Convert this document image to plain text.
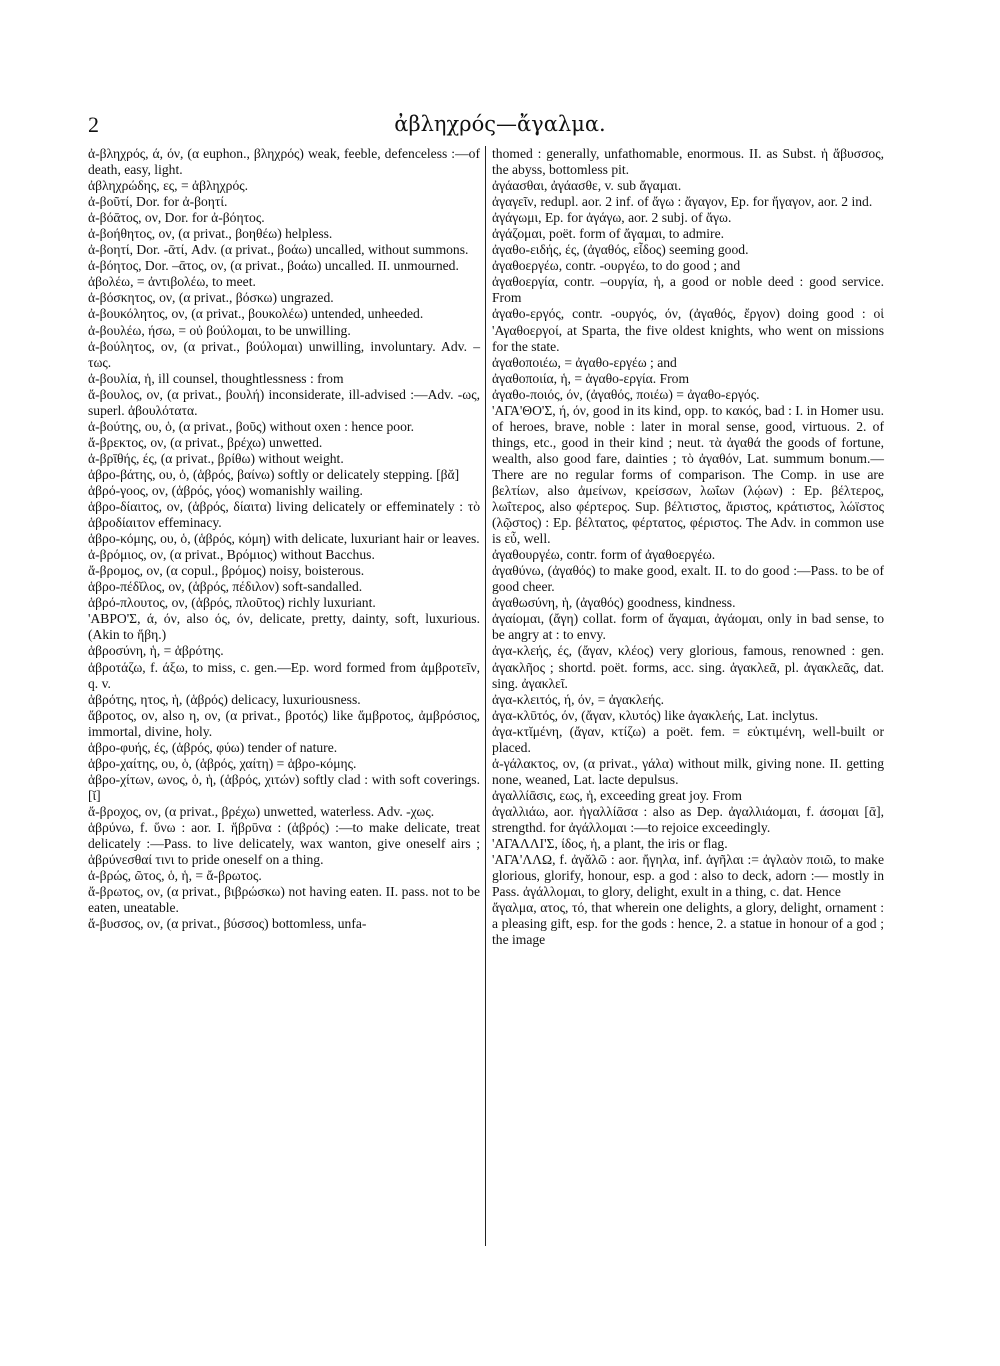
2	ἀβληχρός—ἄγαλμα.

ἀ-βληχρός, ά, όν, (α euphon., βληχρός) weak, feeble, defenceless :—of death, easy, light.

ἀβληχρώδης, ες, = ἀβληχρός.

ἀ-βοῦτί, Dor. for ἀ-βοητί.

ἀ-βόᾱτος, ον, Dor. for ἀ-βόητος.

ἀ-βοήθητος, ον, (α privat., βοηθέω) helpless.

ἀ-βοητί, Dor. -ᾱτί, Adv. (α privat., βοάω) uncalled, without summons.

ἀ-βόητος, Dor. –ᾱτος, ον, (α privat., βοάω) uncalled. II. unmourned.

ἀβολέω, = ἀντιβολέω, to meet.

ἀ-βόσκητος, ον, (α privat., βόσκω) ungrazed.

ἀ-βουκόλητος, ον, (α privat., βουκολέω) untended, unheeded.

ἀ-βουλέω, ήσω, = οὐ βούλομαι, to be unwilling.

ἀ-βούλητος, ον, (α privat., βούλομαι) unwilling, involuntary. Adv. –τως.

ἀ-βουλία, ἡ, ill counsel, thoughtlessness : from

ἄ-βουλος, ον, (α privat., βουλή) inconsiderate, ill-advised :—Adv. -ως, superl. ἀβουλότατα.

ἀ-βούτης, ου, ὁ, (α privat., βοῦς) without oxen : hence poor.

ἄ-βρεκτος, ον, (α privat., βρέχω) unwetted.

ἀ-βρῑθής, ές, (α privat., βρίθω) without weight.

ἀβρο-βάτης, ου, ὁ, (ἁβρός, βαίνω) softly or delicately stepping. [βᾰ]

ἁβρό-γοος, ον, (ἁβρός, γόος) womanishly wailing.

ἁβρο-δίαιτος, ον, (ἁβρός, δίαιτα) living delicately or effeminately : τὸ ἁβροδίαιτον effeminacy.

ἁβρο-κόμης, ου, ὁ, (ἁβρός, κόμη) with delicate, luxuriant hair or leaves.

ἀ-βρόμιος, ον, (α privat., Βρόμιος) without Bacchus.

ἄ-βρομος, ον, (α copul., βρόμος) noisy, boisterous.

ἁβρο-πέδῐλος, ον, (ἁβρός, πέδιλον) soft-sandalled.

ἁβρό-πλουτος, ον, (ἁβρός, πλοῦτος) richly luxuriant.

'ΑΒΡΟ'Σ, ά, όν, also ός, όν, delicate, pretty, dainty, soft, luxurious. (Akin to ἥβη.)

ἁβροσύνη, ἡ, = ἁβρότης.

ἀβροτάζω, f. άξω, to miss, c. gen.—Ep. word formed from ἀμβροτεῖν, q. v.

ἁβρότης, ητος, ἡ, (ἁβρός) delicacy, luxuriousness.

ἄβροτος, ον, also η, ον, (α privat., βροτός) like ἄμβροτος, ἀμβρόσιος, immortal, divine, holy.

ἁβρο-φυής, ές, (ἁβρός, φύω) tender of nature.

ἁβρο-χαίτης, ου, ὁ, (ἁβρός, χαίτη) = ἁβρο-κόμης.

ἁβρο-χίτων, ωνος, ὁ, ἡ, (ἁβρός, χιτών) softly clad : with soft coverings. [ῐ]

ἄ-βροχος, ον, (α privat., βρέχω) unwetted, waterless. Adv. -χως.

ἁβρύνω, f. ὕνω : aor. I. ἥβρῡνα : (ἁβρός) :—to make delicate, treat delicately :—Pass. to live delicately, wax wanton, give oneself airs ; ἁβρύνεσθαί τινι to pride oneself on a thing.

ἀ-βρώς, ῶτος, ὁ, ἡ, = ἄ-βρωτος.

ἄ-βρωτος, ον, (α privat., βιβρώσκω) not having eaten. II. pass. not to be eaten, uneatable.

ἄ-βυσσος, ον, (α privat., βύσσος) bottomless, unfa-

thomed : generally, unfathomable, enormous. II. as Subst. ἡ ἄβυσσος, the abyss, bottomless pit.

ἀγάασθαι, ἀγάασθε, v. sub ἄγαμαι.

ἀγαγεῖν, redupl. aor. 2 inf. of ἄγω : ἄγαγον, Ep. for ἤγαγον, aor. 2 ind.

ἀγάγωμι, Ep. for ἀγάγω, aor. 2 subj. of ἄγω.

ἀγάζομαι, poët. form of ἄγαμαι, to admire.

ἀγαθο-ειδής, ές, (ἀγαθός, εἶδος) seeming good.

ἀγαθοεργέω, contr. -ουργέω, to do good ; and

ἀγαθοεργία, contr. –ουργία, ἡ, a good or noble deed : good service. From

ἀγαθο-εργός, contr. -ουργός, όν, (ἀγαθός, ἔργον) doing good : οἱ 'Αγαθοεργοί, at Sparta, the five oldest knights, who went on missions for the state.

ἀγαθοποιέω, = ἀγαθο-εργέω ; and

ἀγαθοποιία, ἡ, = ἀγαθο-εργία. From

ἀγαθο-ποιός, όν, (ἀγαθός, ποιέω) = ἀγαθο-εργός.

'ΑΓΑ'ΘΟ'Σ, ή, όν, good in its kind, opp. to κακός, bad : I. in Homer usu. of heroes, brave, noble : later in moral sense, good, virtuous. 2. of things, etc., good in their kind ; neut. τὰ ἀγαθά the goods of fortune, wealth, also good fare, dainties ; τὸ ἀγαθόν, Lat. summum bonum.—There are no regular forms of comparison. The Comp. in use are βελτίων, also ἀμείνων, κρείσσων, λωΐων (λῴων) : Ep. βέλτερος, λωΐτερος, also φέρτερος. Sup. βέλτιστος, ἄριστος, κράτιστος, λώϊστος (λῷστος) : Ep. βέλτατος, φέρτατος, φέριστος. The Adv. in common use is εὖ, well.

ἀγαθουργέω, contr. form of ἀγαθοεργέω.

ἀγαθύνω, (ἀγαθός) to make good, exalt. II. to do good :—Pass. to be of good cheer.

ἀγαθωσύνη, ἡ, (ἀγαθός) goodness, kindness.

ἀγαίομαι, (ἄγη) collat. form of ἄγαμαι, ἀγάομαι, only in bad sense, to be angry at : to envy.

ἀγα-κλεής, ές, (ἄγαν, κλέος) very glorious, famous, renowned : gen. ἀγακλῆος ; shortd. poët. forms, acc. sing. ἀγακλεᾶ, pl. ἀγακλεᾶς, dat. sing. ἀγακλεῖ.

ἀγα-κλειτός, ή, όν, = ἀγακλεής.

ἀγα-κλῡτός, όν, (ἄγαν, κλυτός) like ἀγακλεής, Lat. inclytus.

ἀγα-κτῐμένη, (ἄγαν, κτίζω) a poët. fem. = εὐκτιμένη, well-built or placed.

ἀ-γάλακτος, ον, (α privat., γάλα) without milk, giving none. II. getting none, weaned, Lat. lacte depulsus.

ἀγαλλίᾱσις, εως, ἡ, exceeding great joy. From

ἀγαλλιάω, aor. ἠγαλλίᾱσα : also as Dep. ἀγαλλιάομαι, f. άσομαι [ᾱ], strengthd. for ἀγάλλομαι :—to rejoice exceedingly.

'ΑΓΑΛΛΙ'Σ, ίδος, ἡ, a plant, the iris or flag.

'ΑΓΑ'ΛΛΩ, f. ἀγᾰλῶ : aor. ἤγηλα, inf. ἀγῆλαι := ἀγλαὸν ποιῶ, to make glorious, glorify, honour, esp. a god : also to deck, adorn :— mostly in Pass. ἀγάλλομαι, to glory, delight, exult in a thing, c. dat. Hence

ἄγαλμα, ατος, τό, that wherein one delights, a glory, delight, ornament : a pleasing gift, esp. for the gods : hence, 2. a statue in honour of a god ; the image
